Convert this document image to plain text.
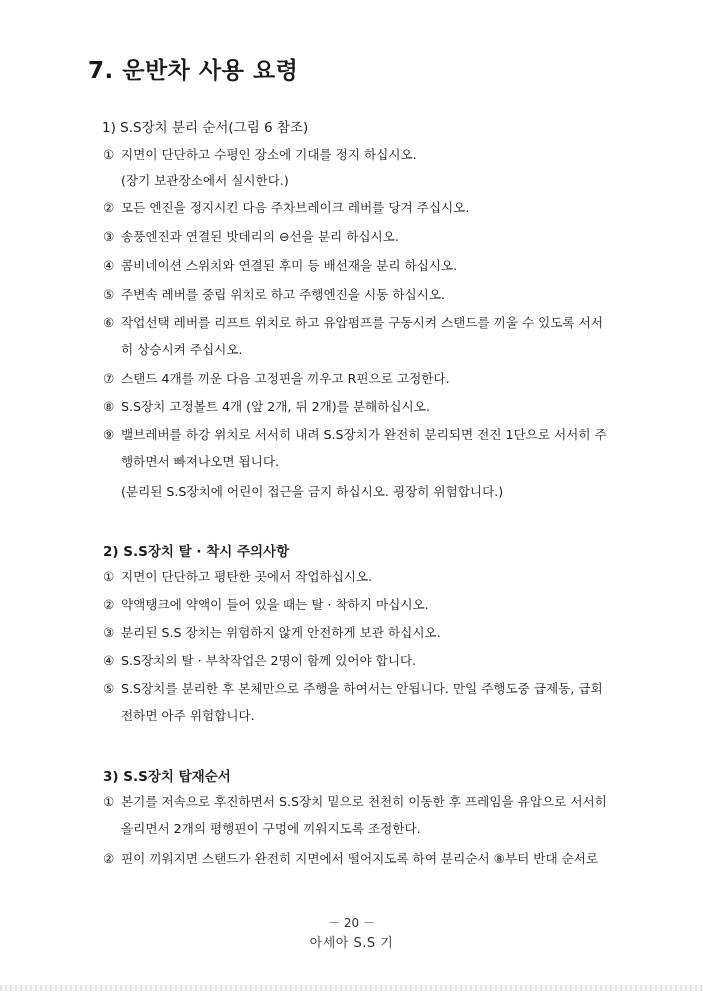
7. 운반차 사용 요령
1) S.S장치 분리 순서(그림 6 참조)
① 지면이 단단하고 수평인 장소에 기대를 정지 하십시오.
(장기 보관장소에서 실시한다.)
② 모든 엔진을 정지시킨 다음 주차브레이크 레버를 당겨 주십시오.
③ 송풍엔진과 연결된 밧데리의 ⊖선을 분리 하십시오.
④ 콤비네이션 스위치와 연결된 후미 등 배선재을 분리 하십시오.
⑤ 주변속 레버를 중립 위치로 하고 주행엔진을 시동 하십시오.
⑥ 작업선택 레버를 리프트 위치로 하고 유압펌프를 구동시켜 스탠드를 끼울 수 있도록 서서
히 상승시켜 주십시오.
⑦ 스탠드 4개를 끼운 다음 고정핀을 끼우고 R핀으로 고정한다.
⑧ S.S장치 고정볼트 4개 (앞 2개, 뒤 2개)를 분해하십시오.
⑨ 밸브레버를 하강 위치로 서서히 내려 S.S장치가 완전히 분리되면 전진 1단으로 서서히 주
행하면서 빠져나오면 됩니다.
(분리된 S.S장치에 어린이 접근을 금지 하십시오. 굉장히 위험합니다.)
2) S.S장치 탈 · 착시 주의사항
① 지면이 단단하고 평탄한 곳에서 작업하십시오.
② 약액탱크에 약액이 들어 있을 때는 탈 · 착하지 마십시오.
③ 분리된 S.S 장치는 위험하지 않게 안전하게 보관 하십시오.
④ S.S장치의 탈 · 부착작업은 2명이 함께 있어야 합니다.
⑤ S.S장치를 분리한 후 본체만으로 주행을 하여서는 안됩니다. 만일 주행도중 급제동, 급회
전하면 아주 위험합니다.
3) S.S장치 탑재순서
① 본기를 저속으로 후진하면서 S.S장치 밑으로 천천히 이동한 후 프레임을 유압으로 서서히
올리면서 2개의 평행핀이 구멍에 끼워지도록 조정한다.
② 핀이 끼워지면 스탠드가 완전히 지면에서 떨어지도록 하여 분리순서 ⑧부터 반대 순서로
－ 20 －
아세아 S.S 기
